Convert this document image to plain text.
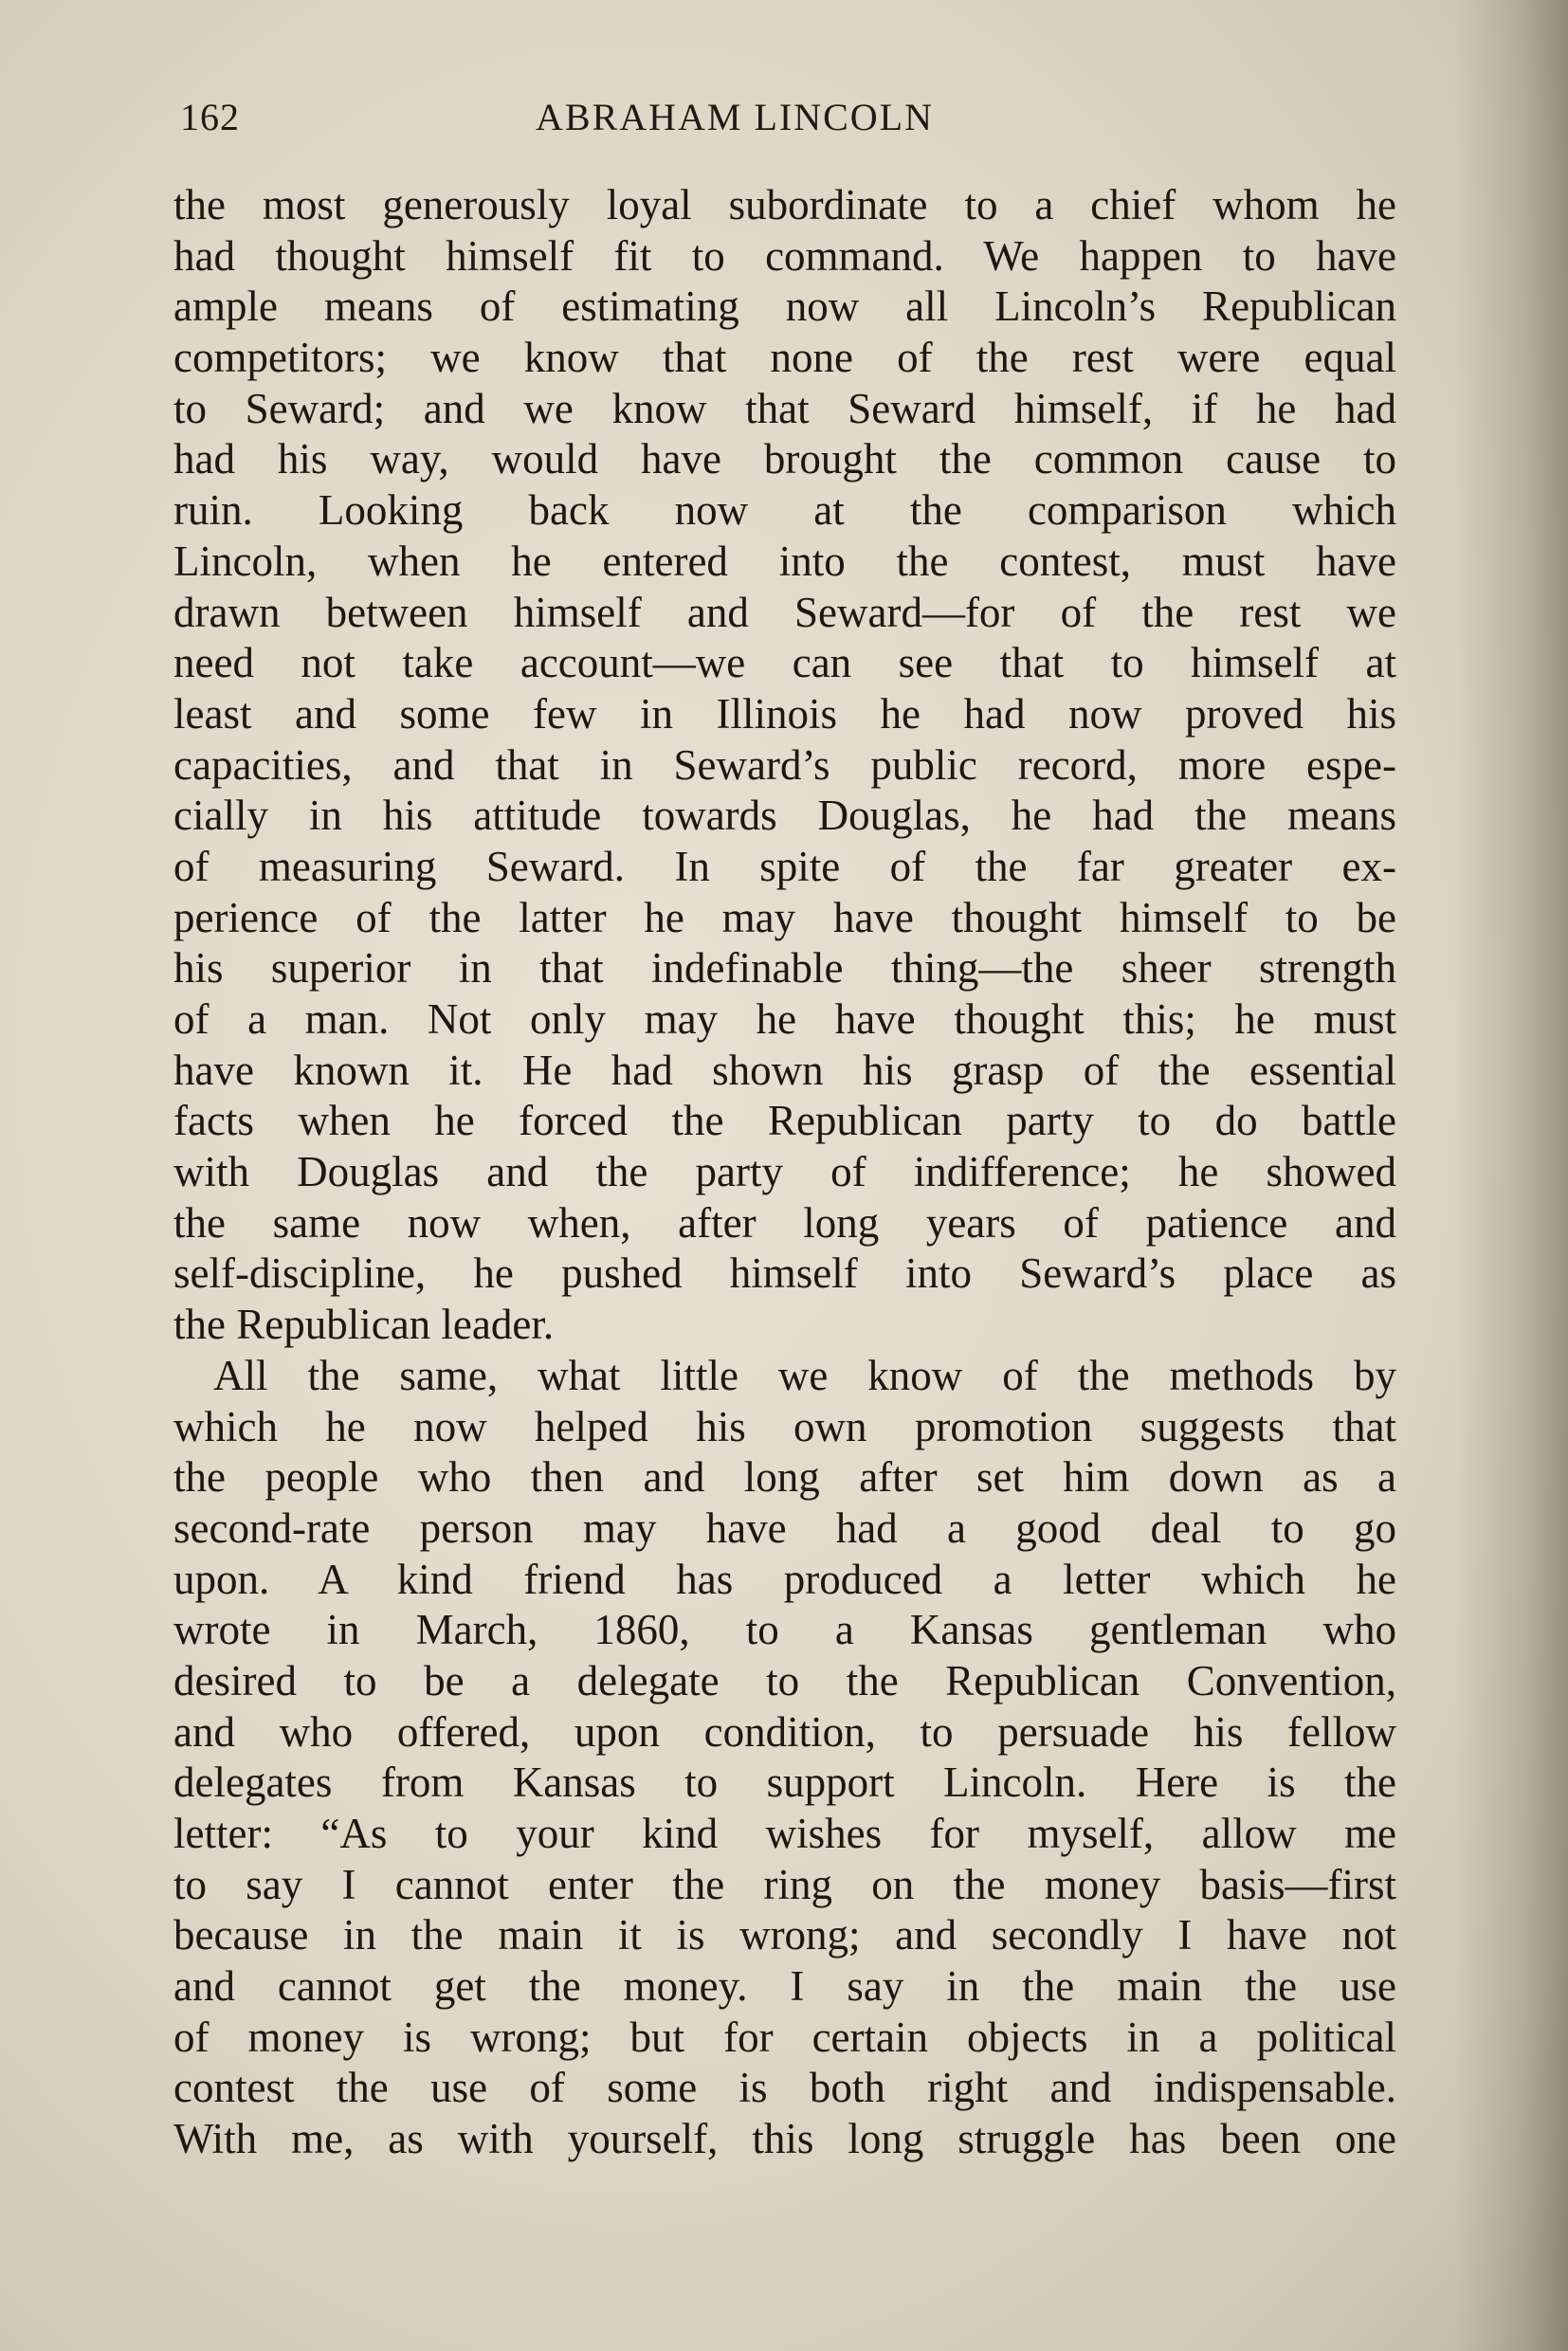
162	ABRAHAM LINCOLN
the most generously loyal subordinate to a chief whom he
had thought himself fit to command. We happen to have
ample means of estimating now all Lincoln’s Republican
competitors; we know that none of the rest were equal
to Seward; and we know that Seward himself, if he had
had his way, would have brought the common cause to
ruin. Looking back now at the comparison which
Lincoln, when he entered into the contest, must have
drawn between himself and Seward—for of the rest we
need not take account—we can see that to himself at
least and some few in Illinois he had now proved his
capacities, and that in Seward’s public record, more espe-
cially in his attitude towards Douglas, he had the means
of measuring Seward. In spite of the far greater ex-
perience of the latter he may have thought himself to be
his superior in that indefinable thing—the sheer strength
of a man. Not only may he have thought this; he must
have known it. He had shown his grasp of the essential
facts when he forced the Republican party to do battle
with Douglas and the party of indifference; he showed
the same now when, after long years of patience and
self-discipline, he pushed himself into Seward’s place as
the Republican leader.
All the same, what little we know of the methods by
which he now helped his own promotion suggests that
the people who then and long after set him down as a
second-rate person may have had a good deal to go
upon. A kind friend has produced a letter which he
wrote in March, 1860, to a Kansas gentleman who
desired to be a delegate to the Republican Convention,
and who offered, upon condition, to persuade his fellow
delegates from Kansas to support Lincoln. Here is the
letter: “As to your kind wishes for myself, allow me
to say I cannot enter the ring on the money basis—first
because in the main it is wrong; and secondly I have not
and cannot get the money. I say in the main the use
of money is wrong; but for certain objects in a political
contest the use of some is both right and indispensable.
With me, as with yourself, this long struggle has been one
